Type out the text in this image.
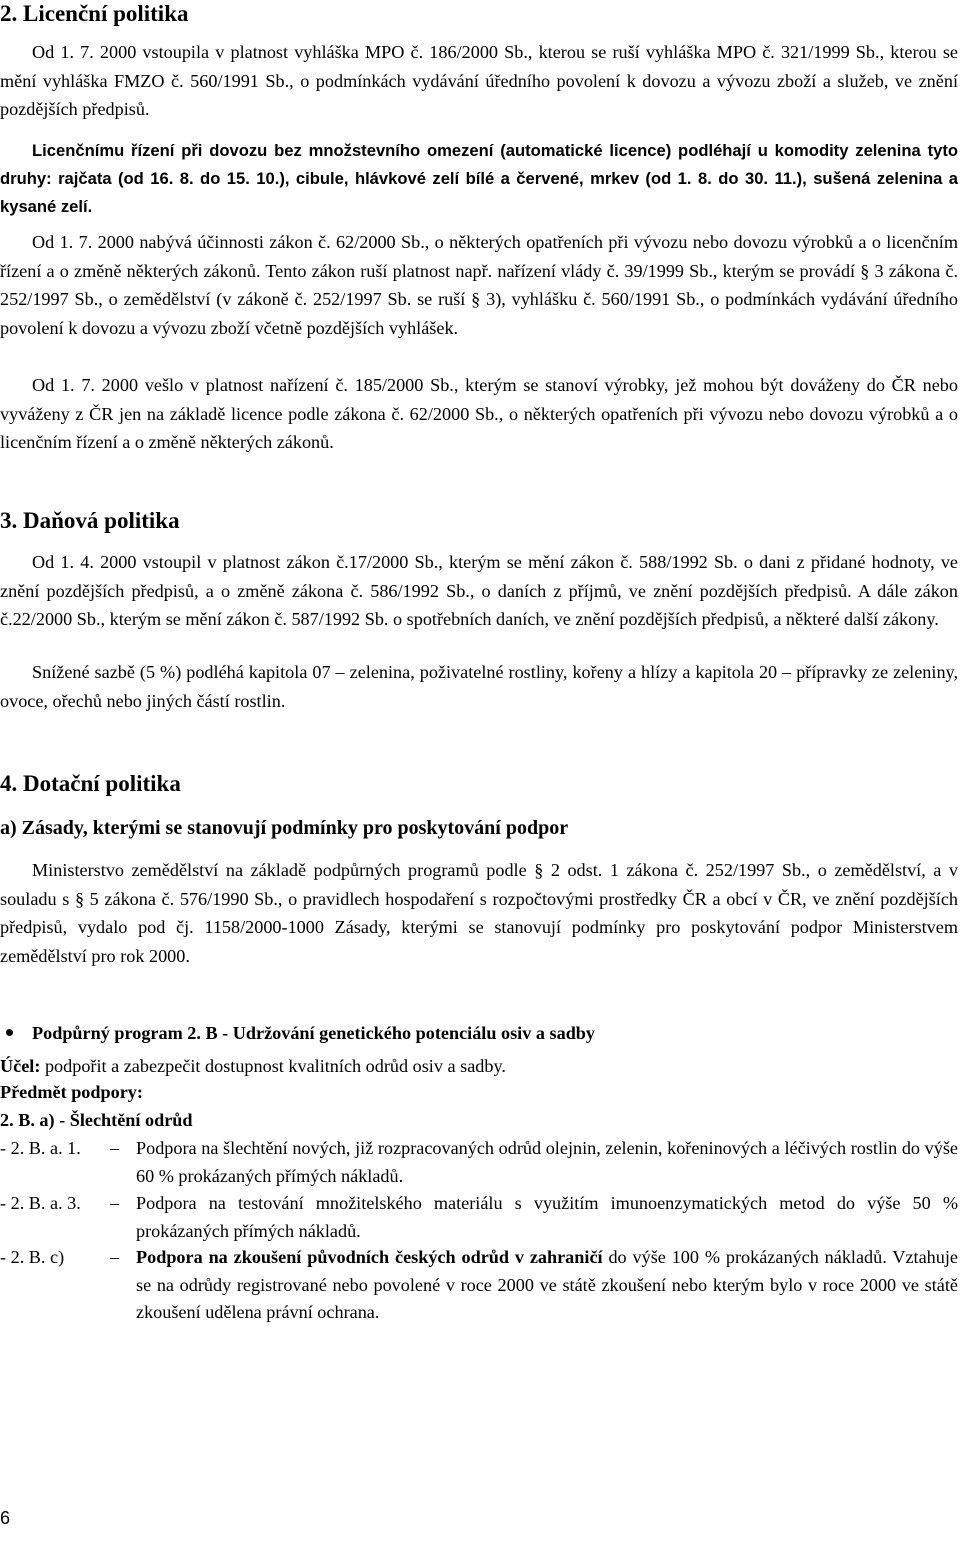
2. Licenční politika

Od 1. 7. 2000 vstoupila v platnost vyhláška MPO č. 186/2000 Sb., kterou se ruší vyhláška MPO č. 321/1999 Sb., kterou se mění vyhláška FMZO č. 560/1991 Sb., o podmínkách vydávání úředního povolení k dovozu a vývozu zboží a služeb, ve znění pozdějších předpisů.

Licenčnímu řízení při dovozu bez množstevního omezení (automatické licence) podléhají u komodity zelenina tyto druhy: rajčata (od 16. 8. do 15. 10.), cibule, hlávkové zelí bílé a červené, mrkev (od 1. 8. do 30. 11.), sušená zelenina a kysané zelí.

Od 1. 7. 2000 nabývá účinnosti zákon č. 62/2000 Sb., o některých opatřeních při vývozu nebo dovozu výrobků a o licenčním řízení a o změně některých zákonů. Tento zákon ruší platnost např. nařízení vlády č. 39/1999 Sb., kterým se provádí § 3 zákona č. 252/1997 Sb., o zemědělství (v zákoně č. 252/1997 Sb. se ruší § 3), vyhlášku č. 560/1991 Sb., o podmínkách vydávání úředního povolení k dovozu a vývozu zboží včetně pozdějších vyhlášek.

Od 1. 7. 2000 vešlo v platnost nařízení č. 185/2000 Sb., kterým se stanoví výrobky, jež mohou být dováženy do ČR nebo vyváženy z ČR jen na základě licence podle zákona č. 62/2000 Sb., o některých opatřeních při vývozu nebo dovozu výrobků a o licenčním řízení a o změně některých zákonů.

3. Daňová politika

Od 1. 4. 2000 vstoupil v platnost zákon č.17/2000 Sb., kterým se mění zákon č. 588/1992 Sb. o dani z přidané hodnoty, ve znění pozdějších předpisů, a o změně zákona č. 586/1992 Sb., o daních z příjmů, ve znění pozdějších předpisů. A dále zákon č.22/2000 Sb., kterým se mění zákon č. 587/1992 Sb. o spotřebních daních, ve znění pozdějších předpisů, a některé další zákony.

Snížené sazbě (5 %) podléhá kapitola 07 – zelenina, poživatelné rostliny, kořeny a hlízy a kapitola 20 – přípravky ze zeleniny, ovoce, ořechů nebo jiných částí rostlin.

4. Dotační politika
a) Zásady, kterými se stanovují podmínky pro poskytování podpor

Ministerstvo zemědělství na základě podpůrných programů podle § 2 odst. 1 zákona č. 252/1997 Sb., o zemědělství, a v souladu s § 5 zákona č. 576/1990 Sb., o pravidlech hospodaření s rozpočtovými prostředky ČR a obcí v ČR, ve znění pozdějších předpisů, vydalo pod čj. 1158/2000-1000 Zásady, kterými se stanovují podmínky pro poskytování podpor Ministerstvem zemědělství pro rok 2000.

Podpůrný program 2. B - Udržování genetického potenciálu osiv a sadby
Účel: podpořit a zabezpečit dostupnost kvalitních odrůd osiv a sadby.
Předmět podpory:
2. B. a) - Šlechtění odrůd
- 2. B. a. 1.	– Podpora na šlechtění nových, již rozpracovaných odrůd olejnin, zelenin, kořeninových a léčivých rostlin do výše 60 % prokázaných přímých nákladů.
- 2. B. a. 3.	– Podpora na testování množitelského materiálu s využitím imunoenzymatických metod do výše 50 % prokázaných přímých nákladů.
- 2. B. c)	– Podpora na zkoušení původních českých odrůd v zahraničí do výše 100 % prokázaných nákladů. Vztahuje se na odrůdy registrované nebo povolené v roce 2000 ve státě zkoušení nebo kterým bylo v roce 2000 ve státě zkoušení udělena právní ochrana.
6
